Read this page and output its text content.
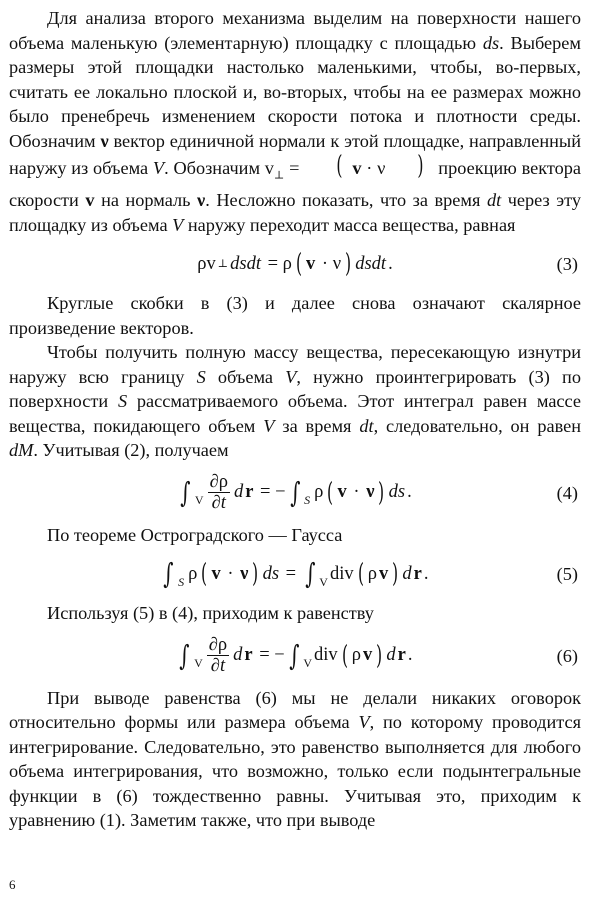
Для анализа второго механизма выделим на поверхности нашего объема маленькую (элементарную) площадку с площадью ds. Выберем размеры этой площадки настолько маленькими, чтобы, во-первых, считать ее локально плоской и, во-вторых, чтобы на ее размерах можно было пренебречь изменением скорости потока и плотности среды. Обозначим ν вектор единичной нормали к этой площадке, направленный наружу из объема V. Обозначим $v_\perp$ = ( v · ν ) проекцию вектора скорости v на нормаль ν. Несложно показать, что за время dt через эту площадку из объема V наружу переходит масса вещества, равная

ρv ⊥ dsdt = ρ ( v · ν ) dsdt .	(3)

Круглые скобки в (3) и далее снова означают скалярное произведение векторов.

Чтобы получить полную массу вещества, пересекающую изнутри наружу всю границу S объема V, нужно проинтегрировать (3) по поверхности S рассматриваемого объема. Этот интеграл равен массе вещества, покидающего объем V за время dt, следовательно, он равен dM. Учитывая (2), получаем

∫ V $\frac{\partial\rho}{\partial t}$ d r = − ∫ S ρ ( v · ν ) ds .	(4)

По теореме Остроградского — Гаусса

∫ S ρ ( v · ν ) ds = ∫ V div ( ρ v ) d r .	(5)

Используя (5) в (4), приходим к равенству

∫ V $\frac{\partial\rho}{\partial t}$ d r = − ∫ V div ( ρ v ) d r .	(6)

При выводе равенства (6) мы не делали никаких оговорок относительно формы или размера объема V, по которому проводится интегрирование. Следовательно, это равенство выполняется для любого объема интегрирования, что возможно, только если подынтегральные функции в (6) тождественно равны. Учитывая это, приходим к уравнению (1). Заметим также, что при выводе

6
